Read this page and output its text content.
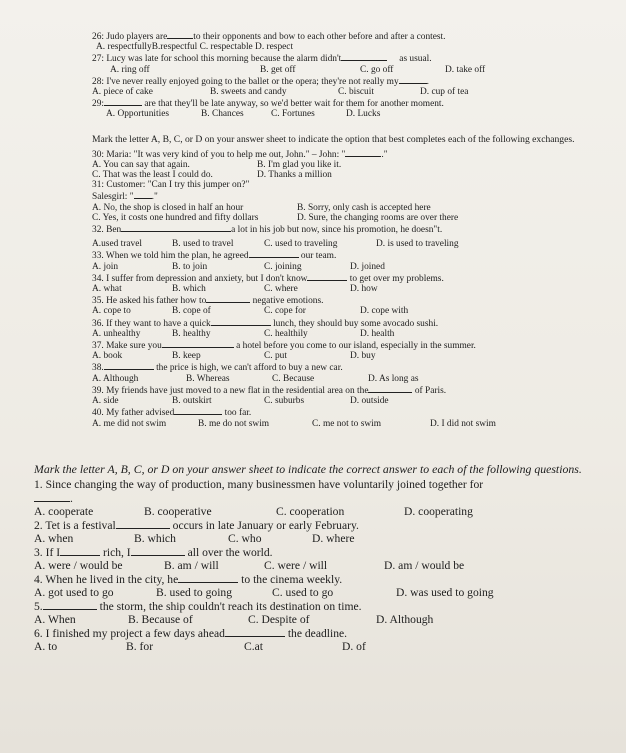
26: Judo players are	to their opponents and bow to each other before and after a contest.
A. respectfullyB.respectful C. respectable D. respect
27: Lucy was late for school this morning because the alarm didn't	as usual.
A. ring off	B. get off	C. go off	D. take off
28: I've never really enjoyed going to the ballet or the opera; they're not really my	.
A. piece of cake	B. sweets and candy	C. biscuit	D. cup of tea
29:	are that they'll be late anyway, so we'd better wait for them for another moment.
A. Opportunities	B. Chances	C. Fortunes	D. Lucks
Mark the letter A, B, C, or D on your answer sheet to indicate the option that best completes each of the following exchanges.
30: Maria: "It was very kind of you to help me out, John." – John: "	."
A. You can say that again.	B. I'm glad you like it.
C. That was the least I could do.	D. Thanks a million
31: Customer: "Can I try this jumper on?"
Salesgirl: " ."
A. No, the shop is closed in half an hour	B. Sorry, only cash is accepted here
C. Yes, it costs one hundred and fifty dollars	D. Sure, the changing rooms are over there
32. Ben	a lot in his job but now, since his promotion, he doesn"t.
A.used travel	B. used to travel	C. used to traveling	D. is used to traveling
33. When we told him the plan, he agreed	our team.
A. join	B. to join	C. joining	D. joined
34. I suffer from depression and anxiety, but I don't know	to get over my problems.
A. what	B. which	C. where	D. how
35. He asked his father how to	negative emotions.
A. cope to	B. cope of	C. cope for	D. cope with
36. If they want to have a quick	lunch, they should buy some avocado sushi.
A. unhealthy	B. healthy	C. healthily	D. health
37. Make sure you	a hotel before you come to our island, especially in the summer.
A. book	B. keep	C. put	D. buy
38.	the price is high, we can't afford to buy a new car.
A. Although	B. Whereas	C. Because	D. As long as
39. My friends have just moved to a new flat in the residential area on the	of Paris.
A. side	B. outskirt	C. suburbs	D. outside
40. My father advised	too far.
A. me did not swim	B. me do not swim	C. me not to swim	D. I did not swim
Mark the letter A, B, C, or D on your answer sheet to indicate the correct answer to each of the following questions.
1. Since changing the way of production, many businessmen have voluntarily joined together for
.
A. cooperate	B. cooperative	C. cooperation	D. cooperating
2. Tet is a festival	occurs in late January or early February.
A. when	B. which	C. who	D. where
3. If I	rich, I	all over the world.
A. were / would be	B. am / will	C. were / will	D. am / would be
4. When he lived in the city, he	to the cinema weekly.
A. got used to go	B. used to going	C. used to go	D. was used to going
5.	the storm, the ship couldn't reach its destination on time.
A. When	B. Because of	C. Despite of	D. Although
6. I finished my project a few days ahead	the deadline.
A. to	B. for	C.at	D. of
